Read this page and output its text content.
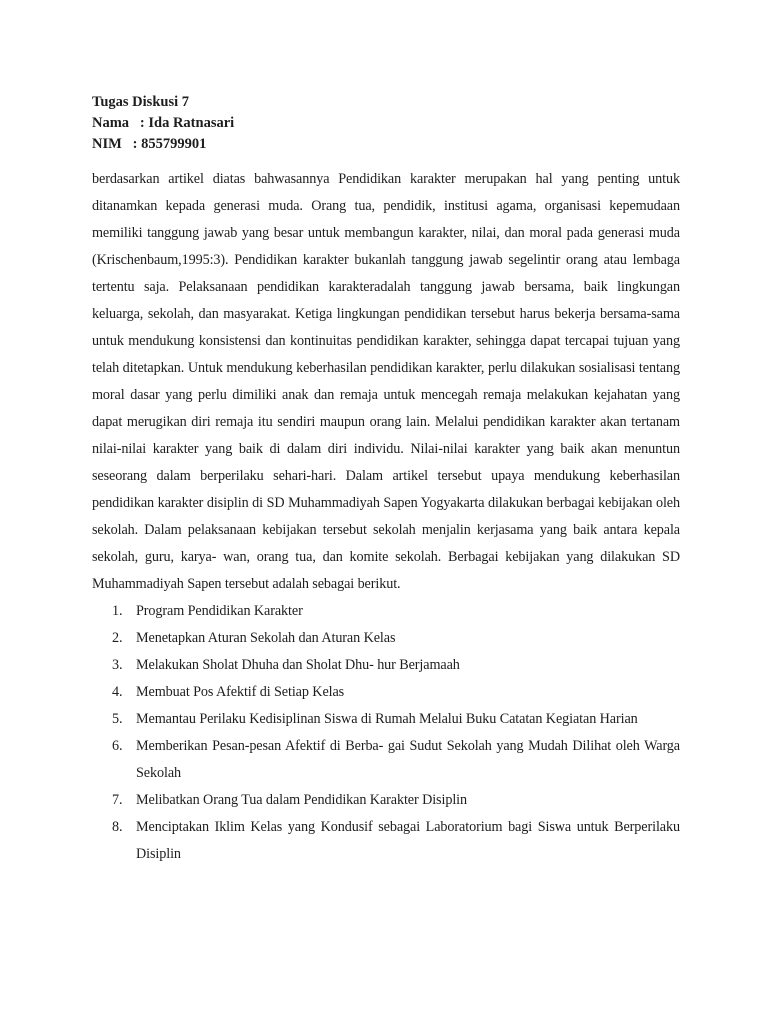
Tugas Diskusi 7
Nama   : Ida Ratnasari
NIM   : 855799901

berdasarkan artikel diatas bahwasannya Pendidikan karakter merupakan hal yang penting untuk ditanamkan kepada generasi muda. Orang tua, pendidik, institusi agama, organisasi kepemudaan memiliki tanggung jawab yang besar untuk membangun karakter, nilai, dan moral pada generasi muda (Krischenbaum,1995:3). Pendidikan karakter bukanlah tanggung jawab segelintir orang atau lembaga tertentu saja. Pelaksanaan pendidikan karakteradalah tanggung jawab bersama, baik lingkungan keluarga, sekolah, dan masyarakat. Ketiga lingkungan pendidikan tersebut harus bekerja bersama-sama untuk mendukung konsistensi dan kontinuitas pendidikan karakter, sehingga dapat tercapai tujuan yang telah ditetapkan. Untuk mendukung keberhasilan pendidikan karakter, perlu dilakukan sosialisasi tentang moral dasar yang perlu dimiliki anak dan remaja untuk mencegah remaja melakukan kejahatan yang dapat merugikan diri remaja itu sendiri maupun orang lain. Melalui pendidikan karakter akan tertanam nilai-nilai karakter yang baik di dalam diri individu. Nilai-nilai karakter yang baik akan menuntun seseorang dalam berperilaku sehari-hari. Dalam artikel tersebut upaya mendukung keberhasilan pendidikan karakter disiplin di SD Muhammadiyah Sapen Yogyakarta dilakukan berbagai kebijakan oleh sekolah. Dalam pelaksanaan kebijakan tersebut sekolah menjalin kerjasama yang baik antara kepala sekolah, guru, karya- wan, orang tua, dan komite sekolah. Berbagai kebijakan yang dilakukan SD Muhammadiyah Sapen tersebut adalah sebagai berikut.

1. Program Pendidikan Karakter
2. Menetapkan Aturan Sekolah dan Aturan Kelas
3. Melakukan Sholat Dhuha dan Sholat Dhu- hur Berjamaah
4. Membuat Pos Afektif di Setiap Kelas
5. Memantau Perilaku Kedisiplinan Siswa di Rumah Melalui Buku Catatan Kegiatan Harian
6. Memberikan Pesan-pesan Afektif di Berba- gai Sudut Sekolah yang Mudah Dilihat oleh Warga Sekolah
7. Melibatkan Orang Tua dalam Pendidikan Karakter Disiplin
8. Menciptakan Iklim Kelas yang Kondusif sebagai Laboratorium bagi Siswa untuk Berperilaku Disiplin
